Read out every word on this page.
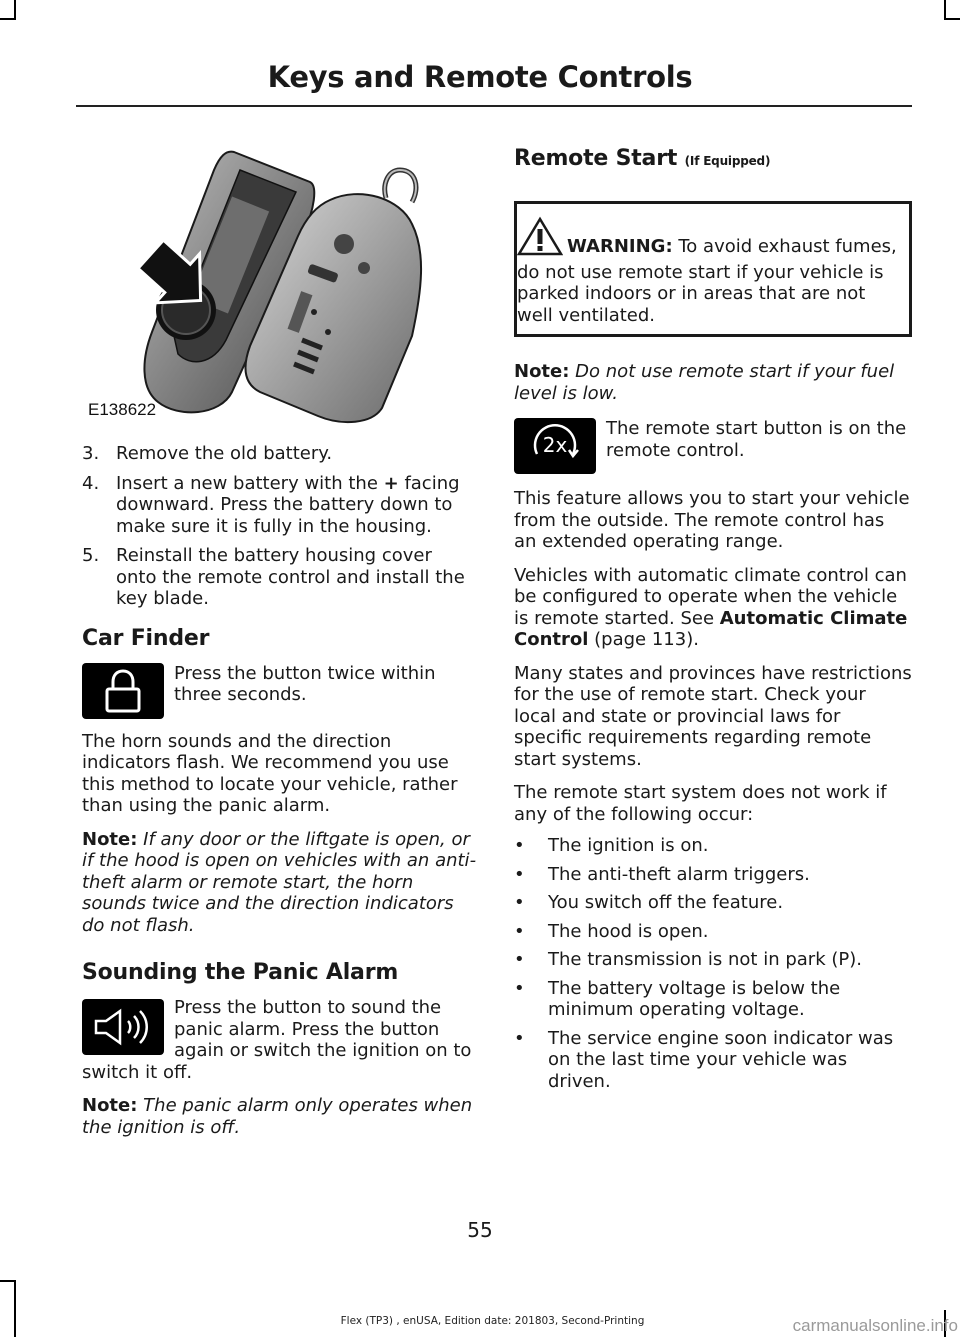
Keys and Remote Controls
E138622
3. Remove the old battery.
4. Insert a new battery with the + facing downward. Press the battery down to make sure it is fully in the housing.
5. Reinstall the battery housing cover onto the remote control and install the key blade.
Car Finder

Press the button twice within three seconds.

The horn sounds and the direction indicators flash. We recommend you use this method to locate your vehicle, rather than using the panic alarm.

Note: If any door or the liftgate is open, or if the hood is open on vehicles with an anti-theft alarm or remote start, the horn sounds twice and the direction indicators do not flash.

Sounding the Panic Alarm

Press the button to sound the panic alarm. Press the button again or switch the ignition on to switch it off.

Note: The panic alarm only operates when the ignition is off.

Remote Start (If Equipped)
WARNING: To avoid exhaust fumes, do not use remote start if your vehicle is parked indoors or in areas that are not well ventilated.

Note: Do not use remote start if your fuel level is low.

2x

The remote start button is on the remote control.

This feature allows you to start your vehicle from the outside. The remote control has an extended operating range.

Vehicles with automatic climate control can be configured to operate when the vehicle is remote started. See Automatic Climate Control (page 113).

Many states and provinces have restrictions for the use of remote start. Check your local and state or provincial laws for specific requirements regarding remote start systems.

The remote start system does not work if any of the following occur:

•	The ignition is on.
•	The anti-theft alarm triggers.
•	You switch off the feature.
•	The hood is open.
•	The transmission is not in park (P).
•	The battery voltage is below the minimum operating voltage.
•	The service engine soon indicator was on the last time your vehicle was driven.
55
Flex (TP3) , enUSA, Edition date: 201803, Second-Printing	carmanualsonline.info
